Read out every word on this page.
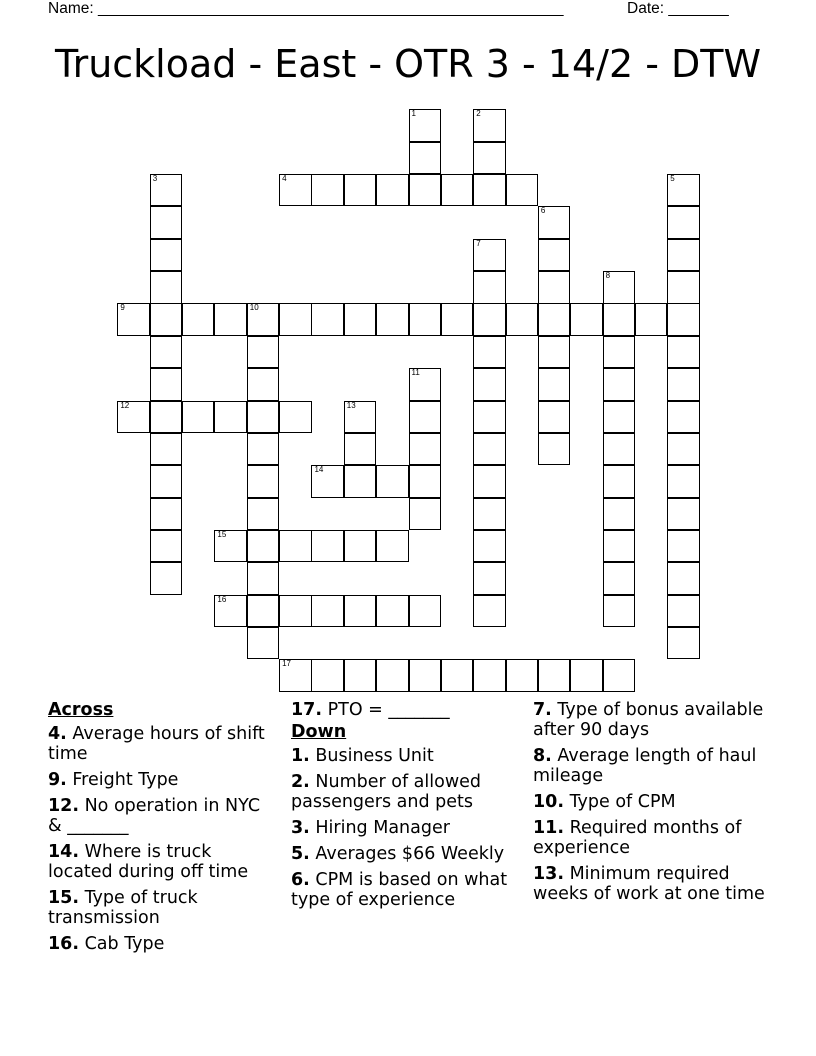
Name: ______________________________________________________	Date: _______
Truckload - East - OTR 3 - 14/2 - DTW
1	2
3	4	5
6
7
8
9	10
11
12	13
14
15
16
17
Across
4. Average hours of shift time
9. Freight Type
12. No operation in NYC & _______
14. Where is truck located during off time
15. Type of truck transmission
16. Cab Type
17. PTO = _______
Down
1. Business Unit
2. Number of allowed passengers and pets
3. Hiring Manager
5. Averages $66 Weekly
6. CPM is based on what type of experience
7. Type of bonus available after 90 days
8. Average length of haul mileage
10. Type of CPM
11. Required months of experience
13. Minimum required weeks of work at one time
